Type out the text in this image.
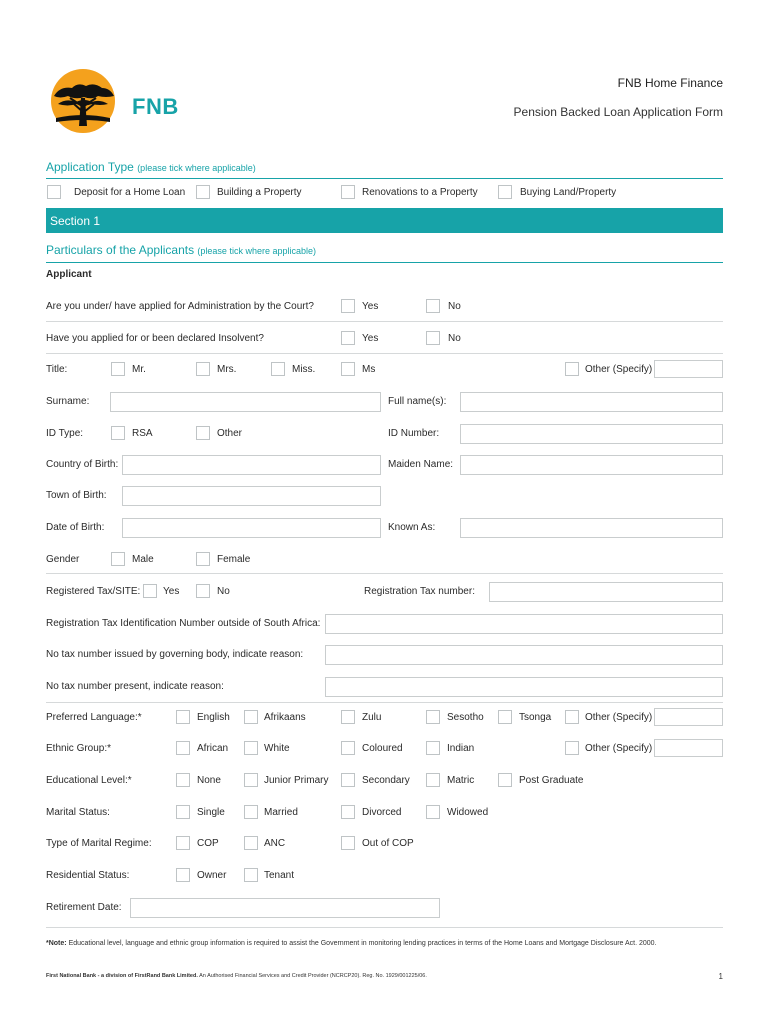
FNB
FNB Home Finance
Pension Backed Loan Application Form
Application Type (please tick where applicable)
Deposit for a Home Loan	Building a Property	Renovations to a Property	Buying Land/Property
Section 1
Particulars of the Applicants (please tick where applicable)
Applicant
Are you under/ have applied for Administration by the Court?	Yes	No
Have you applied for or been declared Insolvent?	Yes	No
Title:	Mr.	Mrs.	Miss.	Ms	Other (Specify)
Surname:	Full name(s):
ID Type:	RSA	Other	ID Number:
Country of Birth:	Maiden Name:
Town of Birth:
Date of Birth:	Known As:
Gender	Male	Female
Registered Tax/SITE: Yes	No	Registration Tax number:
Registration Tax Identification Number outside of South Africa:
No tax number issued by governing body, indicate reason:
No tax number present, indicate reason:
Preferred Language:*	English	Afrikaans	Zulu	Sesotho	Tsonga	Other (Specify)
Ethnic Group:*	African	White	Coloured	Indian	Other (Specify)
Educational Level:*	None	Junior Primary	Secondary	Matric	Post Graduate
Marital Status:	Single	Married	Divorced	Widowed
Type of Marital Regime:	COP	ANC	Out of COP
Residential Status:	Owner	Tenant
Retirement Date:
*Note: Educational level, language and ethnic group information is required to assist the Government in monitoring lending practices in terms of the Home Loans and Mortgage Disclosure Act. 2000.
First National Bank - a division of FirstRand Bank Limited. An Authorised Financial Services and Credit Provider (NCRCP20). Reg. No. 1929/001225/06.	1
